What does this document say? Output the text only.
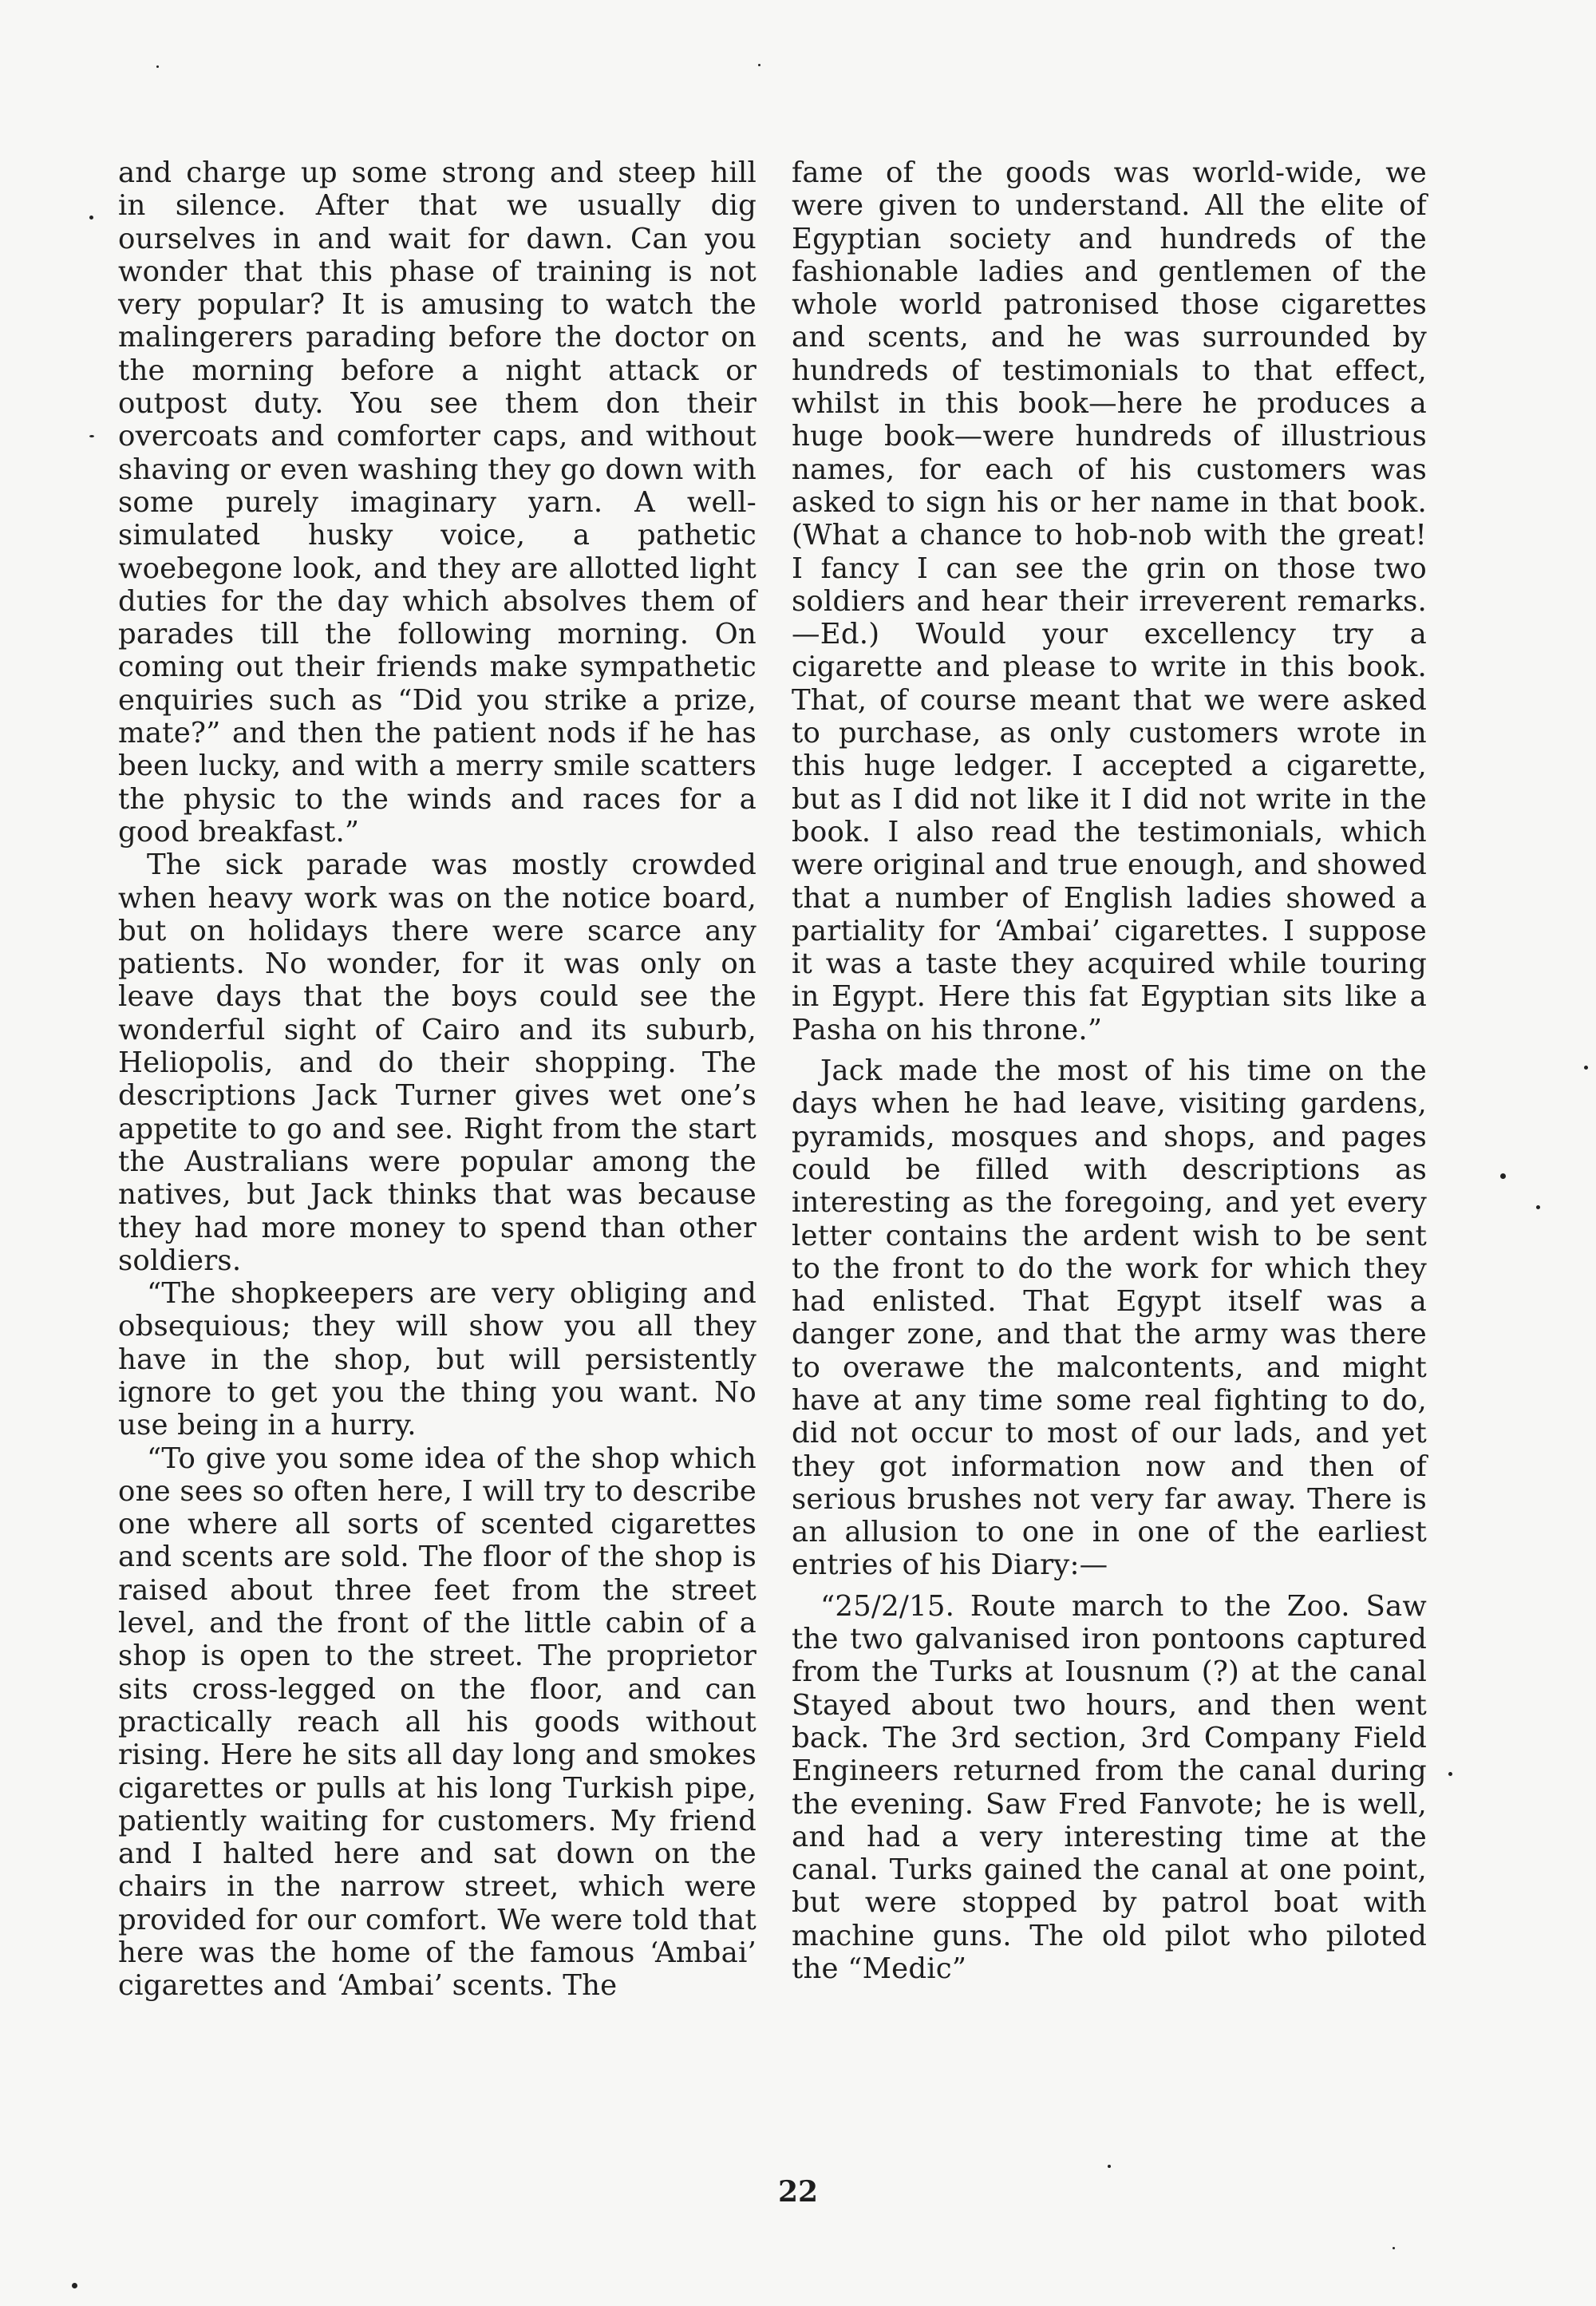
and charge up some strong and steep hill in silence. After that we usually dig ourselves in and wait for dawn. Can you wonder that this phase of training is not very popular? It is amusing to watch the malingerers parading before the doctor on the morning before a night attack or outpost duty. You see them don their overcoats and comforter caps, and without shaving or even washing they go down with some purely imaginary yarn. A well-simulated husky voice, a pathetic woebegone look, and they are allotted light duties for the day which absolves them of parades till the following morning. On coming out their friends make sympathetic enquiries such as “Did you strike a prize, mate?” and then the patient nods if he has been lucky, and with a merry smile scatters the physic to the winds and races for a good breakfast.”

The sick parade was mostly crowded when heavy work was on the notice board, but on holidays there were scarce any patients. No wonder, for it was only on leave days that the boys could see the wonderful sight of Cairo and its suburb, Heliopolis, and do their shopping. The descriptions Jack Turner gives wet one’s appetite to go and see. Right from the start the Australians were popular among the natives, but Jack thinks that was because they had more money to spend than other soldiers.

“The shopkeepers are very obliging and obsequious; they will show you all they have in the shop, but will persistently ignore to get you the thing you want. No use being in a hurry.

“To give you some idea of the shop which one sees so often here, I will try to describe one where all sorts of scented cigarettes and scents are sold. The floor of the shop is raised about three feet from the street level, and the front of the little cabin of a shop is open to the street. The proprietor sits cross-legged on the floor, and can practically reach all his goods without rising. Here he sits all day long and smokes cigarettes or pulls at his long Turkish pipe, patiently waiting for customers. My friend and I halted here and sat down on the chairs in the narrow street, which were provided for our comfort. We were told that here was the home of the famous ‘Ambai’ cigarettes and ‘Ambai’ scents. The

fame of the goods was world-wide, we were given to understand. All the elite of Egyptian society and hundreds of the fashionable ladies and gentlemen of the whole world patronised those cigarettes and scents, and he was surrounded by hundreds of testimonials to that effect, whilst in this book—here he produces a huge book—were hundreds of illustrious names, for each of his customers was asked to sign his or her name in that book. (What a chance to hob-nob with the great! I fancy I can see the grin on those two soldiers and hear their irreverent remarks.—Ed.) Would your excellency try a cigarette and please to write in this book. That, of course meant that we were asked to purchase, as only customers wrote in this huge ledger. I accepted a cigarette, but as I did not like it I did not write in the book. I also read the testimonials, which were original and true enough, and showed that a number of English ladies showed a partiality for ‘Ambai’ cigarettes. I suppose it was a taste they acquired while touring in Egypt. Here this fat Egyptian sits like a Pasha on his throne.”

Jack made the most of his time on the days when he had leave, visiting gardens, pyramids, mosques and shops, and pages could be filled with descriptions as interesting as the foregoing, and yet every letter contains the ardent wish to be sent to the front to do the work for which they had enlisted. That Egypt itself was a danger zone, and that the army was there to overawe the malcontents, and might have at any time some real fighting to do, did not occur to most of our lads, and yet they got information now and then of serious brushes not very far away. There is an allusion to one in one of the earliest entries of his Diary:—

“25/2/15. Route march to the Zoo. Saw the two galvanised iron pontoons captured from the Turks at Iousnum (?) at the canal Stayed about two hours, and then went back. The 3rd section, 3rd Company Field Engineers returned from the canal during the evening. Saw Fred Fanvote; he is well, and had a very interesting time at the canal. Turks gained the canal at one point, but were stopped by patrol boat with machine guns. The old pilot who piloted the “Medic”

22
